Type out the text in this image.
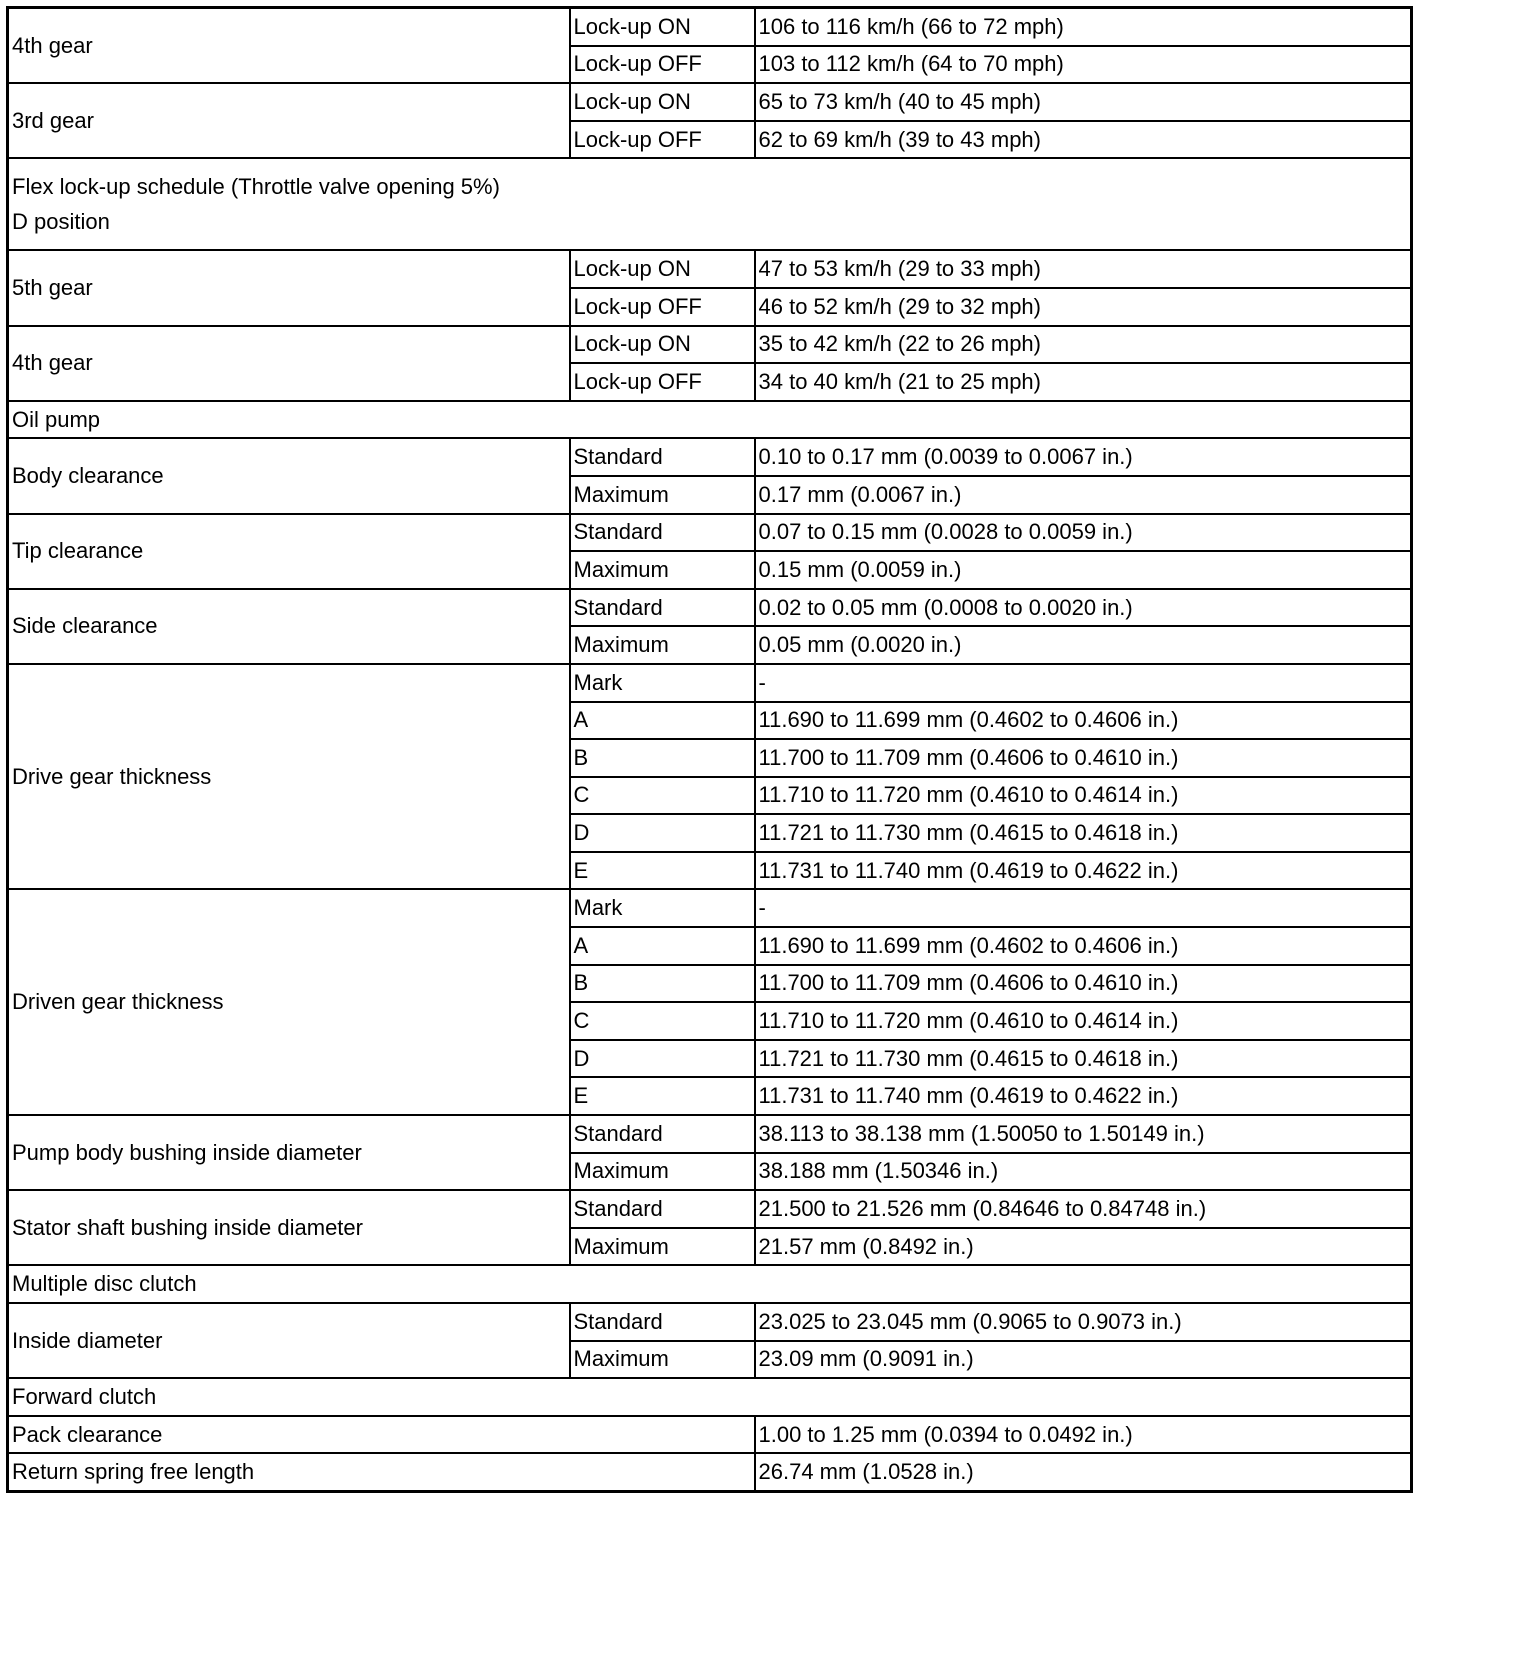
4th gear	Lock-up ON	106 to 116 km/h (66 to 72 mph)
	Lock-up OFF	103 to 112 km/h (64 to 70 mph)
3rd gear	Lock-up ON	65 to 73 km/h (40 to 45 mph)
	Lock-up OFF	62 to 69 km/h (39 to 43 mph)

Flex lock-up schedule (Throttle valve opening 5%)
D position		

5th gear	Lock-up ON	47 to 53 km/h (29 to 33 mph)
	Lock-up OFF	46 to 52 km/h (29 to 32 mph)
4th gear	Lock-up ON	35 to 42 km/h (22 to 26 mph)
	Lock-up OFF	34 to 40 km/h (21 to 25 mph)
Oil pump		
Body clearance	Standard	0.10 to 0.17 mm (0.0039 to 0.0067 in.)
	Maximum	0.17 mm (0.0067 in.)
Tip clearance	Standard	0.07 to 0.15 mm (0.0028 to 0.0059 in.)
	Maximum	0.15 mm (0.0059 in.)
Side clearance	Standard	0.02 to 0.05 mm (0.0008 to 0.0020 in.)
	Maximum	0.05 mm (0.0020 in.)
Drive gear thickness	Mark	-
	A	11.690 to 11.699 mm (0.4602 to 0.4606 in.)
	B	11.700 to 11.709 mm (0.4606 to 0.4610 in.)
	C	11.710 to 11.720 mm (0.4610 to 0.4614 in.)
	D	11.721 to 11.730 mm (0.4615 to 0.4618 in.)
	E	11.731 to 11.740 mm (0.4619 to 0.4622 in.)
Driven gear thickness	Mark	-
	A	11.690 to 11.699 mm (0.4602 to 0.4606 in.)
	B	11.700 to 11.709 mm (0.4606 to 0.4610 in.)
	C	11.710 to 11.720 mm (0.4610 to 0.4614 in.)
	D	11.721 to 11.730 mm (0.4615 to 0.4618 in.)
	E	11.731 to 11.740 mm (0.4619 to 0.4622 in.)
Pump body bushing inside diameter	Standard	38.113 to 38.138 mm (1.50050 to 1.50149 in.)
	Maximum	38.188 mm (1.50346 in.)
Stator shaft bushing inside diameter	Standard	21.500 to 21.526 mm (0.84646 to 0.84748 in.)
	Maximum	21.57 mm (0.8492 in.)
Multiple disc clutch		
Inside diameter	Standard	23.025 to 23.045 mm (0.9065 to 0.9073 in.)
	Maximum	23.09 mm (0.9091 in.)
Forward clutch		
Pack clearance		1.00 to 1.25 mm (0.0394 to 0.0492 in.)
Return spring free length		26.74 mm (1.0528 in.)
